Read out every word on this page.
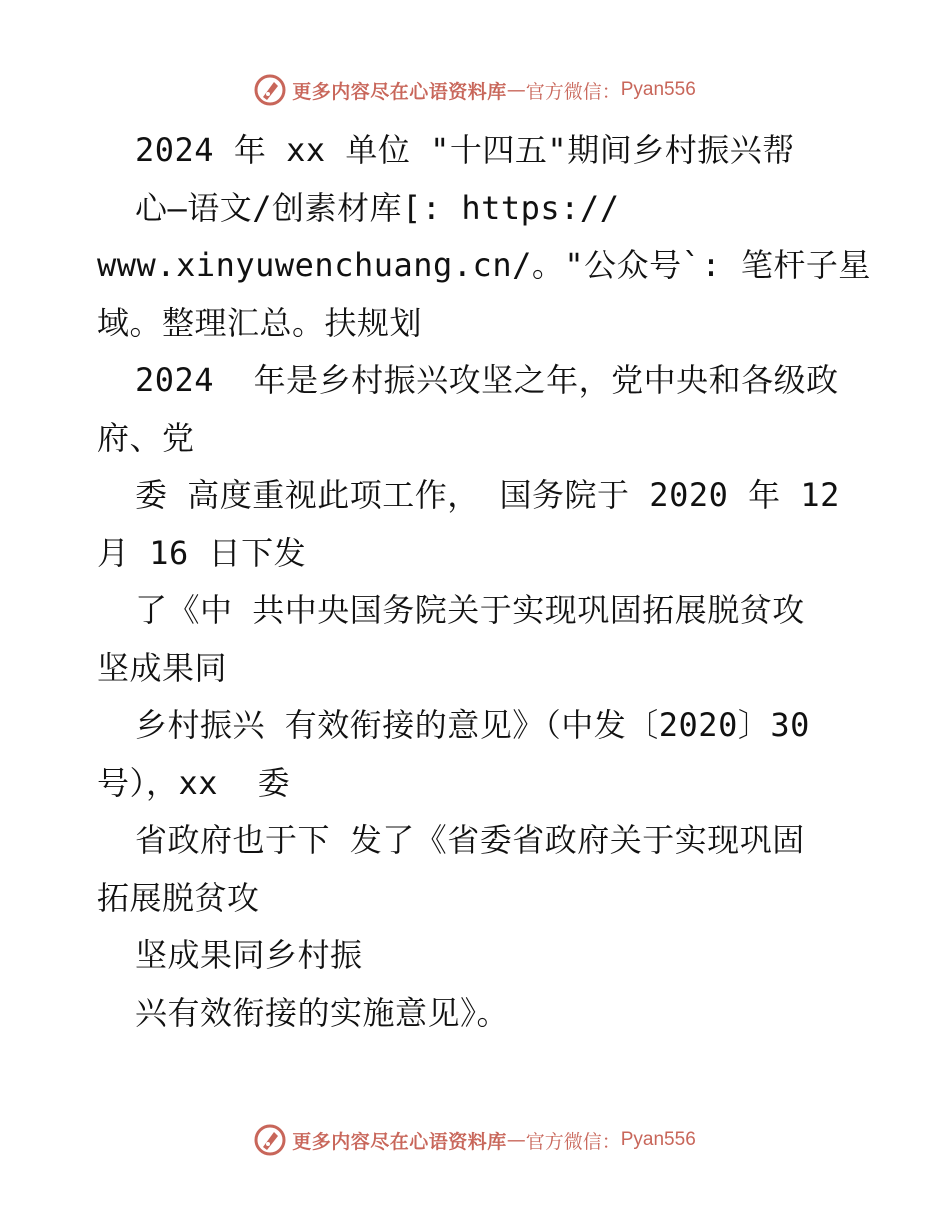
更多内容尽在心语资料库 — 官方微信： Pyan556
2024 年 xx 单位 "十四五"期间乡村振兴帮
心—语文/创素材库[: https://
www.xinyuwenchuang.cn/。"公众号`: 笔杆子星
域。整理汇总。扶规划
2024  年是乡村振兴攻坚之年，党中央和各级政
府、党
委 高度重视此项工作， 国务院于 2020 年 12
月 16 日下发
了《中 共中央国务院关于实现巩固拓展脱贫攻
坚成果同
乡村振兴 有效衔接的意见》（中发〔2020〕30
号），xx  委
省政府也于下 发了《省委省政府关于实现巩固
拓展脱贫攻
坚成果同乡村振
兴有效衔接的实施意见》。
更多内容尽在心语资料库 — 官方微信： Pyan556
